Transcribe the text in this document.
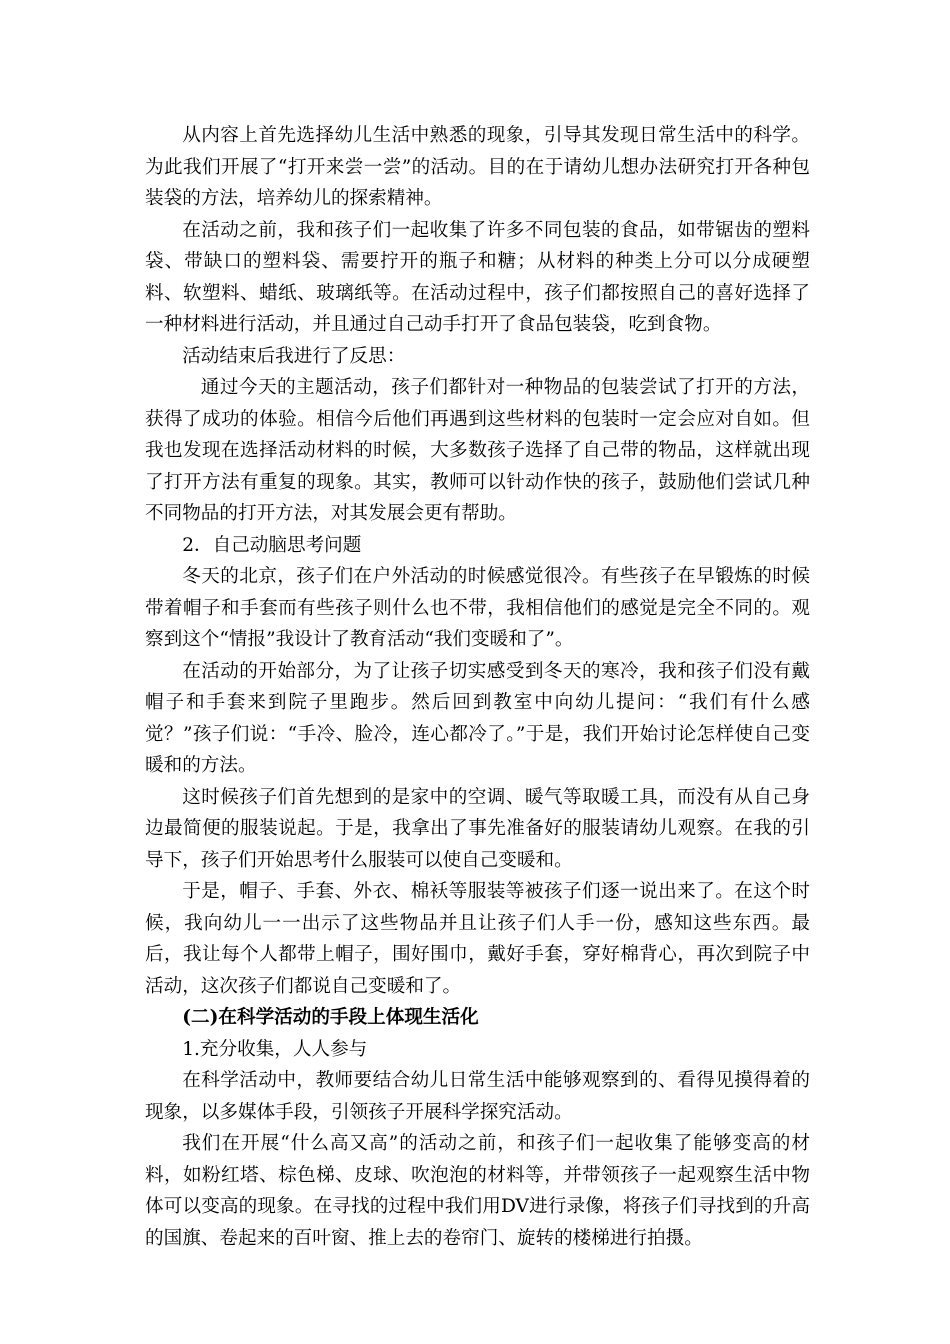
从内容上首先选择幼儿生活中熟悉的现象，引导其发现日常生活中的科学。为此我们开展了“打开来尝一尝”的活动。目的在于请幼儿想办法研究打开各种包装袋的方法，培养幼儿的探索精神。

在活动之前，我和孩子们一起收集了许多不同包装的食品，如带锯齿的塑料袋、带缺口的塑料袋、需要拧开的瓶子和糖；从材料的种类上分可以分成硬塑料、软塑料、蜡纸、玻璃纸等。在活动过程中，孩子们都按照自己的喜好选择了一种材料进行活动，并且通过自己动手打开了食品包装袋，吃到食物。

活动结束后我进行了反思：

通过今天的主题活动，孩子们都针对一种物品的包装尝试了打开的方法，获得了成功的体验。相信今后他们再遇到这些材料的包装时一定会应对自如。但我也发现在选择活动材料的时候，大多数孩子选择了自己带的物品，这样就出现了打开方法有重复的现象。其实，教师可以针动作快的孩子，鼓励他们尝试几种不同物品的打开方法，对其发展会更有帮助。

2．自己动脑思考问题

冬天的北京，孩子们在户外活动的时候感觉很冷。有些孩子在早锻炼的时候带着帽子和手套而有些孩子则什么也不带，我相信他们的感觉是完全不同的。观察到这个“情报”我设计了教育活动“我们变暖和了”。

在活动的开始部分，为了让孩子切实感受到冬天的寒冷，我和孩子们没有戴帽子和手套来到院子里跑步。然后回到教室中向幼儿提问：“我们有什么感觉？”孩子们说：“手冷、脸冷，连心都冷了。”于是，我们开始讨论怎样使自己变暖和的方法。

这时候孩子们首先想到的是家中的空调、暖气等取暖工具，而没有从自己身边最简便的服装说起。于是，我拿出了事先准备好的服装请幼儿观察。在我的引导下，孩子们开始思考什么服装可以使自己变暖和。

于是，帽子、手套、外衣、棉袄等服装等被孩子们逐一说出来了。在这个时候，我向幼儿一一出示了这些物品并且让孩子们人手一份，感知这些东西。最后，我让每个人都带上帽子，围好围巾，戴好手套，穿好棉背心，再次到院子中活动，这次孩子们都说自己变暖和了。

(二)在科学活动的手段上体现生活化

1.充分收集，人人参与

在科学活动中，教师要结合幼儿日常生活中能够观察到的、看得见摸得着的现象，以多媒体手段，引领孩子开展科学探究活动。

我们在开展“什么高又高”的活动之前，和孩子们一起收集了能够变高的材料，如粉红塔、棕色梯、皮球、吹泡泡的材料等，并带领孩子一起观察生活中物体可以变高的现象。在寻找的过程中我们用DV进行录像，将孩子们寻找到的升高的国旗、卷起来的百叶窗、推上去的卷帘门、旋转的楼梯进行拍摄。
